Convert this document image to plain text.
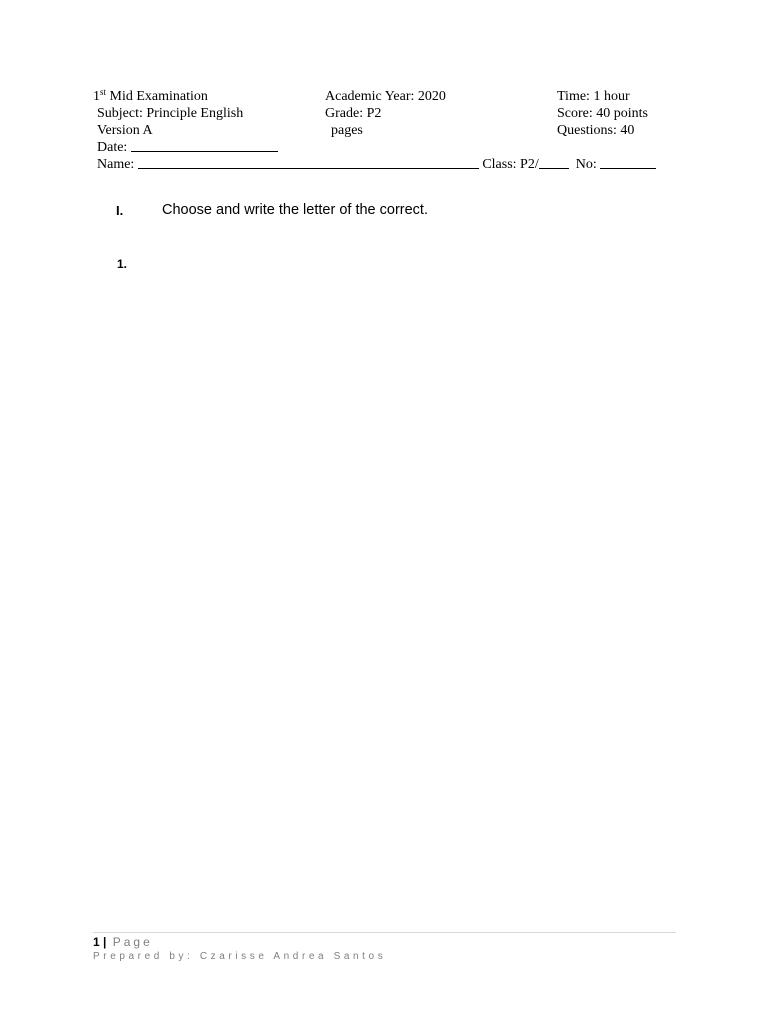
1st Mid Examination	Academic Year: 2020	Time: 1 hour
Subject: Principle English	Grade: P2	Score: 40 points
Version A	pages	Questions: 40
Date:
Name:	Class: P2/  No:
I.	Choose and write the letter of the correct.
1.
1 | Page
Prepared by: Czarisse Andrea Santos
